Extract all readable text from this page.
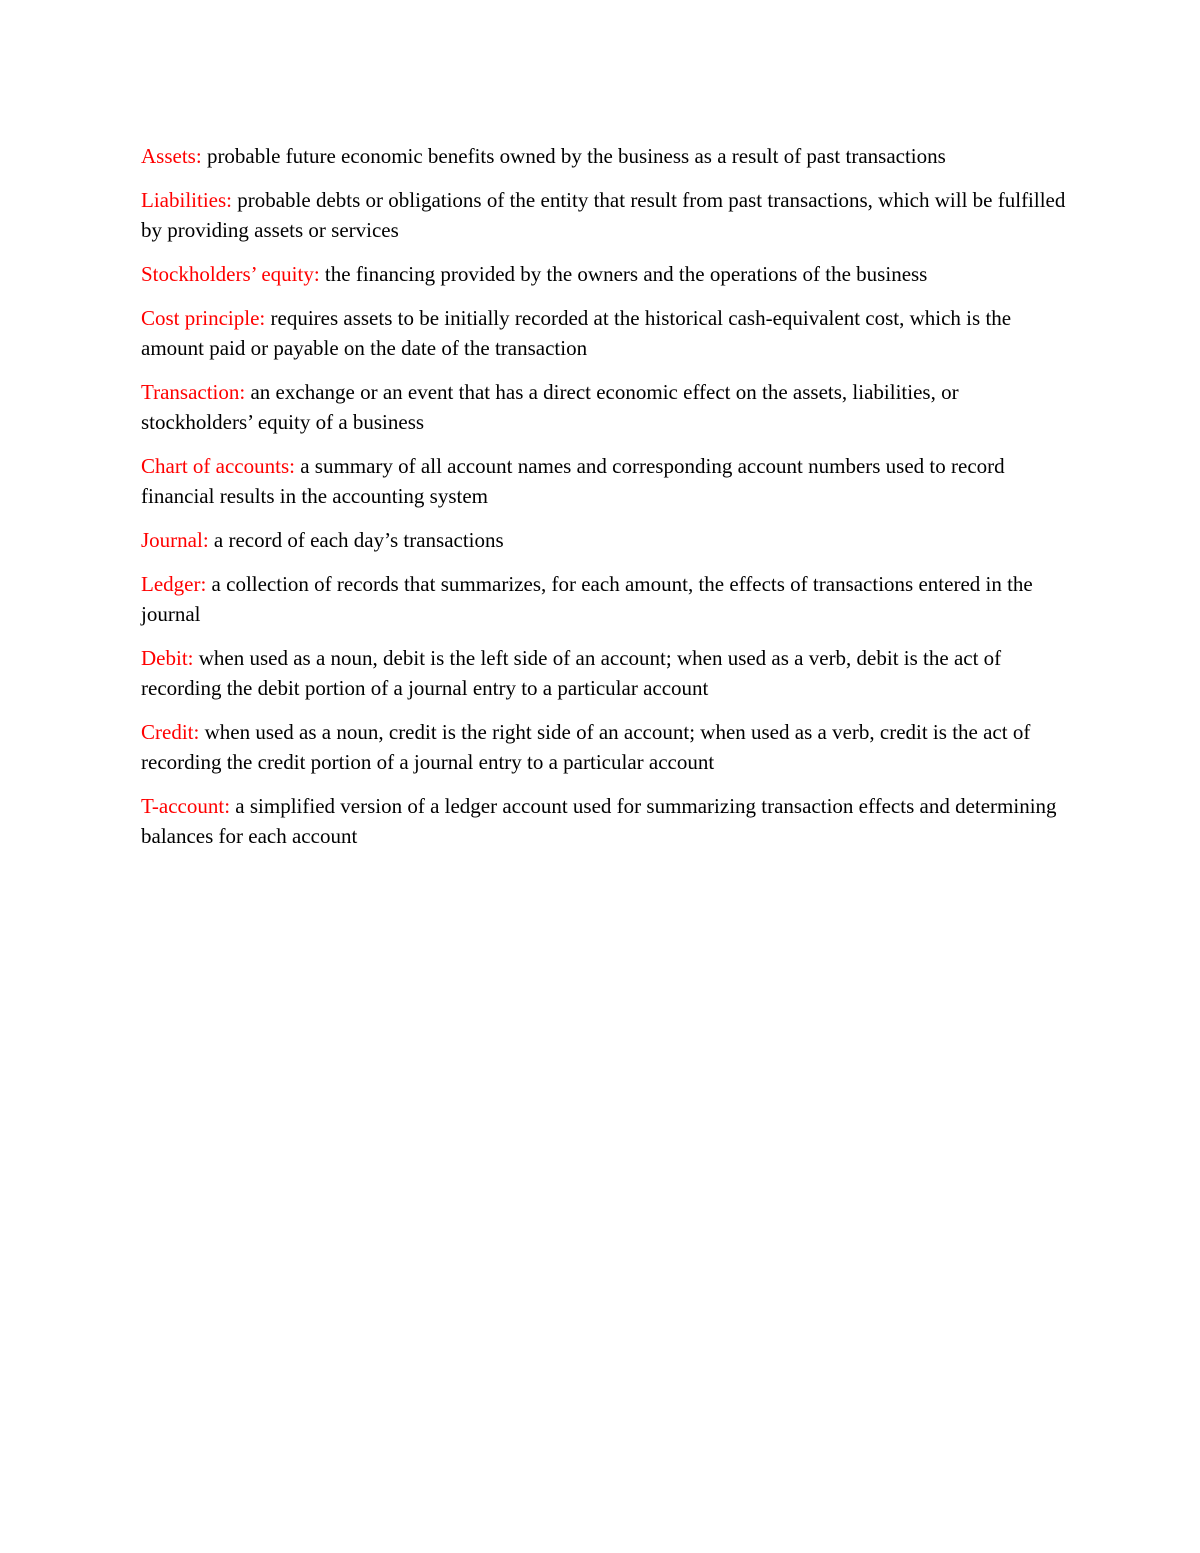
Assets: probable future economic benefits owned by the business as a result of past transactions

Liabilities: probable debts or obligations of the entity that result from past transactions, which will be fulfilled by providing assets or services

Stockholders’ equity: the financing provided by the owners and the operations of the business

Cost principle: requires assets to be initially recorded at the historical cash-equivalent cost, which is the amount paid or payable on the date of the transaction

Transaction: an exchange or an event that has a direct economic effect on the assets, liabilities, or stockholders’ equity of a business

Chart of accounts: a summary of all account names and corresponding account numbers used to record financial results in the accounting system

Journal: a record of each day’s transactions

Ledger: a collection of records that summarizes, for each amount, the effects of transactions entered in the journal

Debit: when used as a noun, debit is the left side of an account; when used as a verb, debit is the act of recording the debit portion of a journal entry to a particular account

Credit: when used as a noun, credit is the right side of an account; when used as a verb, credit is the act of recording the credit portion of a journal entry to a particular account

T-account: a simplified version of a ledger account used for summarizing transaction effects and determining balances for each account
